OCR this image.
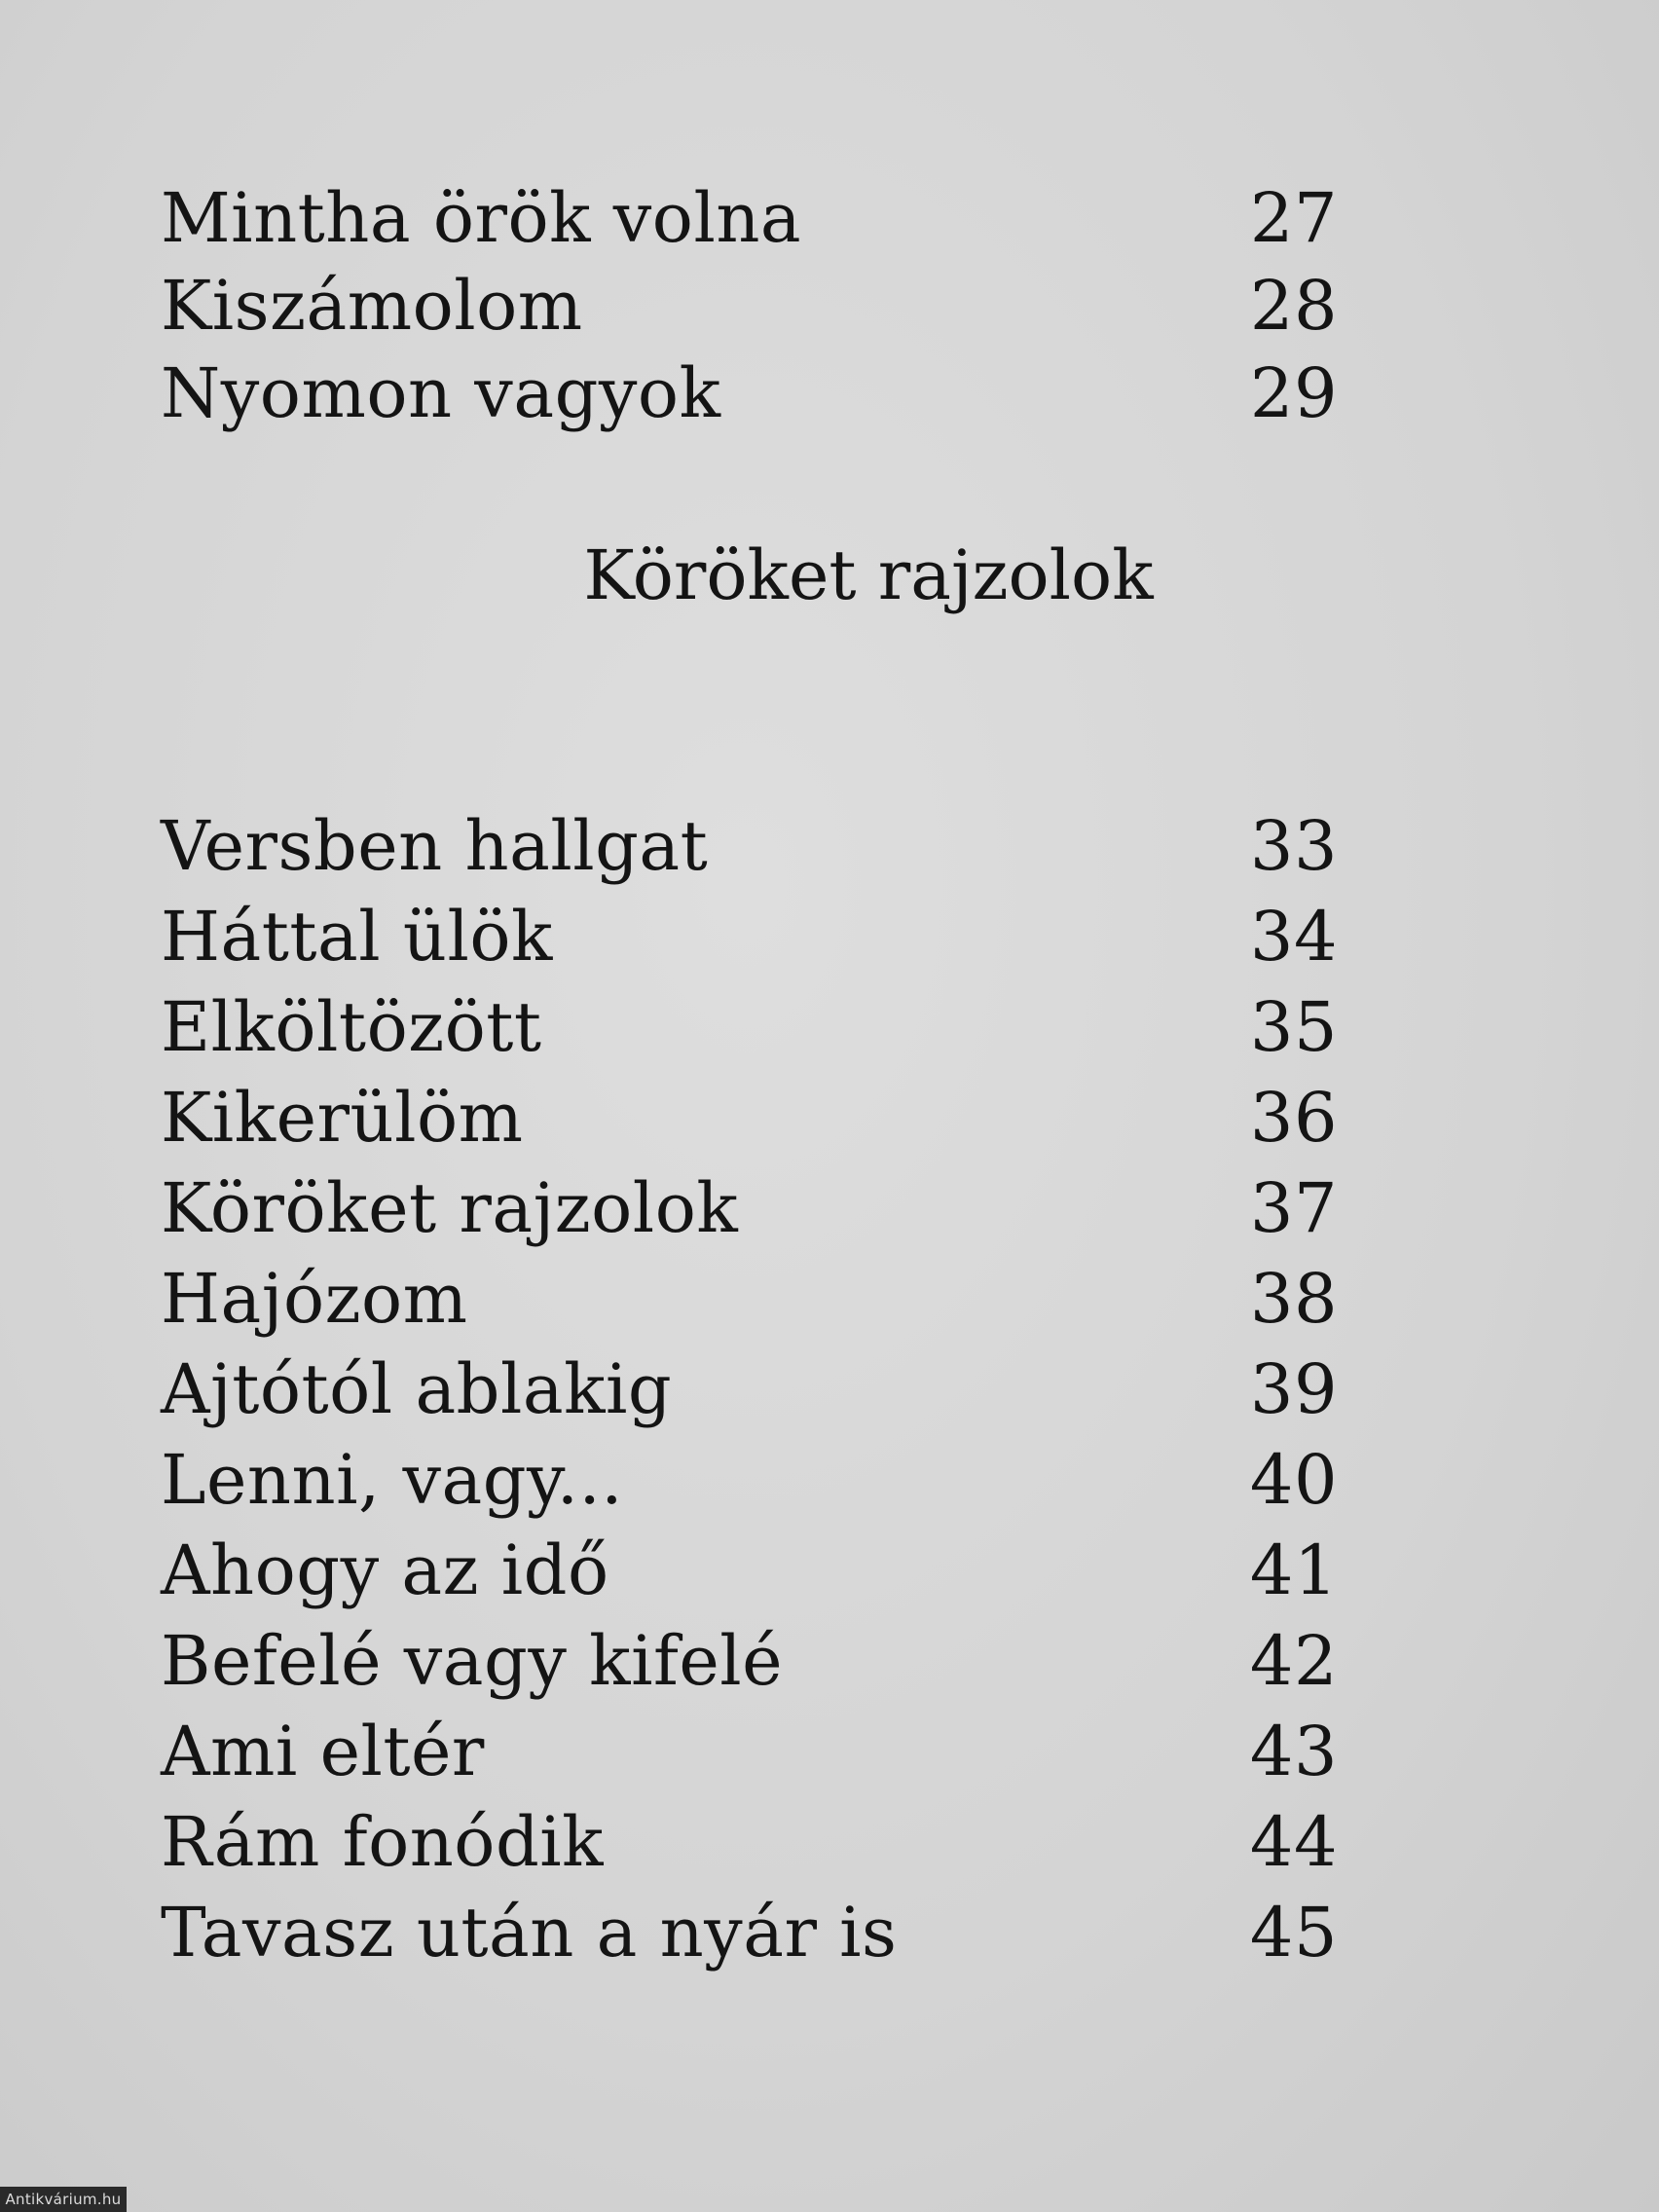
Mintha örök volna	27
Kiszámolom	28
Nyomon vagyok	29
Köröket rajzolok
Versben hallgat	33
Háttal ülök	34
Elköltözött	35
Kikerülöm	36
Köröket rajzolok	37
Hajózom	38
Ajtótól ablakig	39
Lenni, vagy...	40
Ahogy az idő	41
Befelé vagy kifelé	42
Ami eltér	43
Rám fonódik	44
Tavasz után a nyár is	45
Antikvárium.hu
